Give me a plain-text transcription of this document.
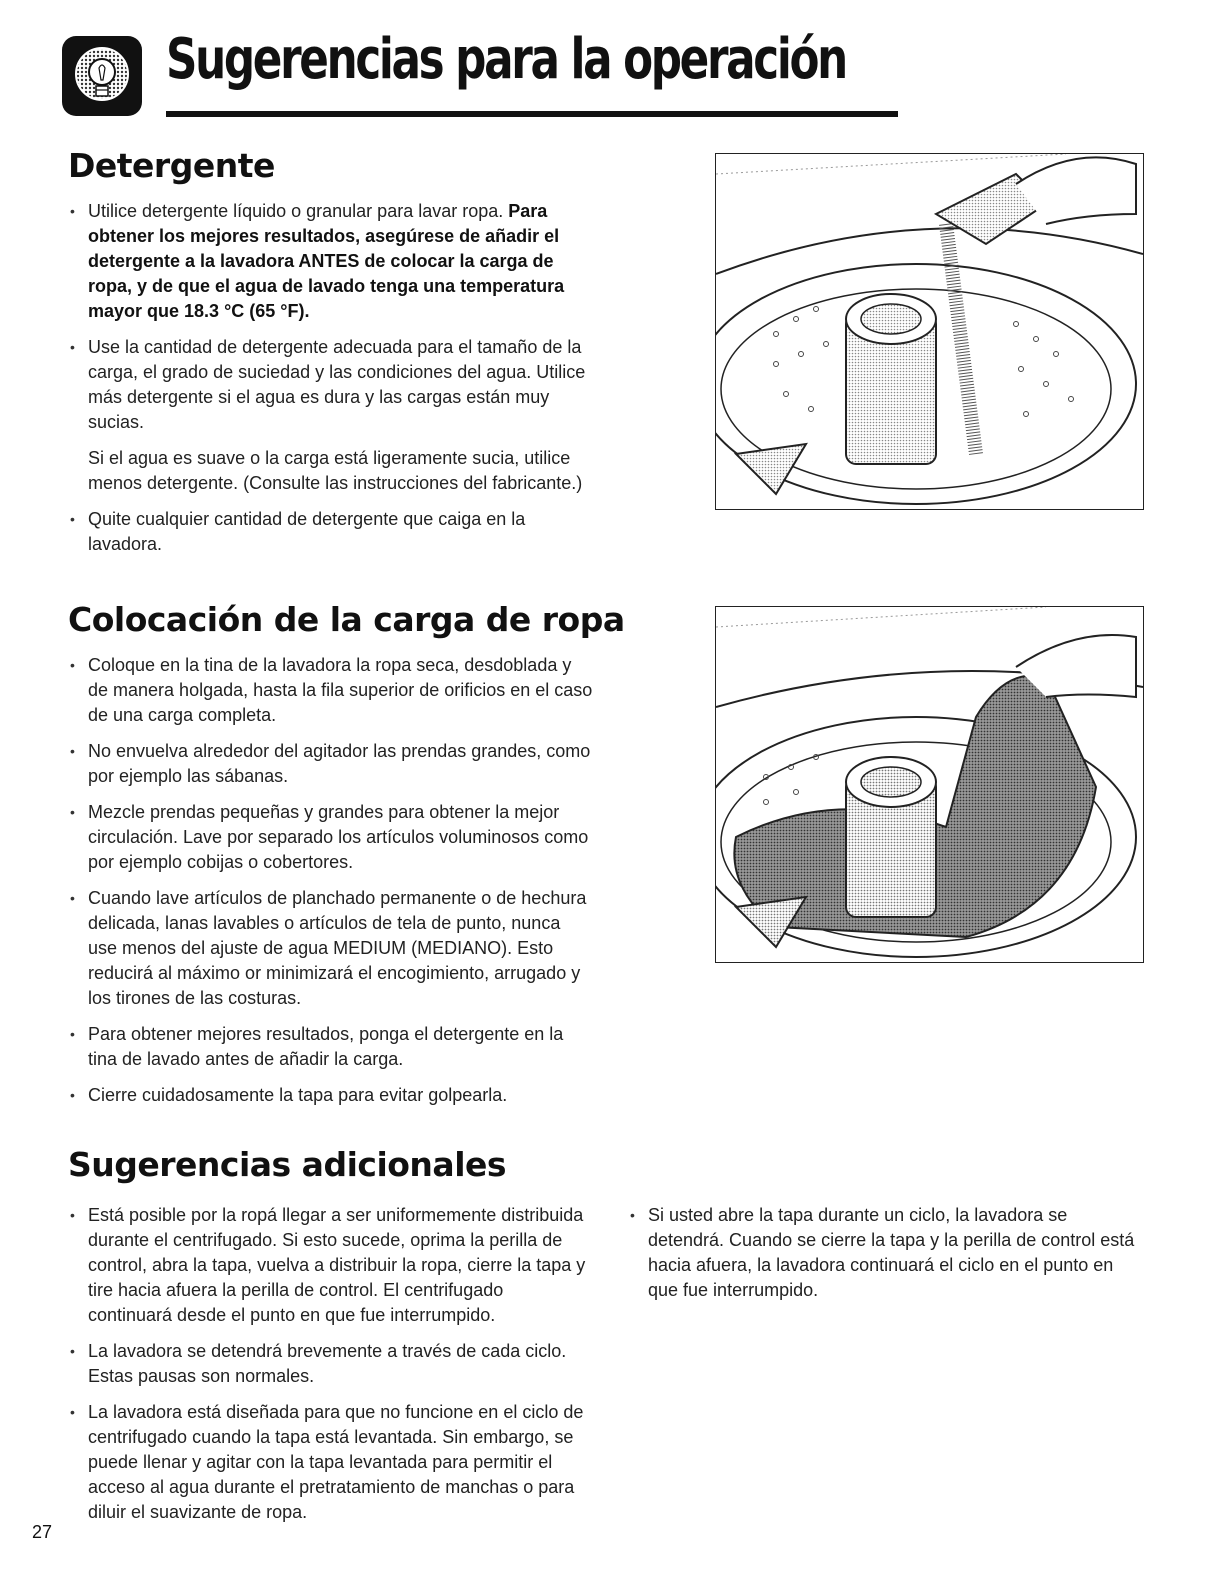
Sugerencias para la operación
Detergente
• Utilice detergente líquido o granular para lavar ropa. Para obtener los mejores resultados, asegúrese de añadir el detergente a la lavadora ANTES de colocar la carga de ropa, y de que el agua de lavado tenga una temperatura mayor que 18.3 °C (65 °F).
• Use la cantidad de detergente adecuada para el tamaño de la carga, el grado de suciedad y las condiciones del agua. Utilice más detergente si el agua es dura y las cargas están muy sucias.
Si el agua es suave o la carga está ligeramente sucia, utilice menos detergente. (Consulte las instrucciones del fabricante.)
• Quite cualquier cantidad de detergente que caiga en la lavadora.
Colocación de la carga de ropa
• Coloque en la tina de la lavadora la ropa seca, desdoblada y de manera holgada, hasta la fila superior de orificios en el caso de una carga completa.
• No envuelva alrededor del agitador las prendas grandes, como por ejemplo las sábanas.
• Mezcle prendas pequeñas y grandes para obtener la mejor circulación. Lave por separado los artículos voluminosos como por ejemplo cobijas o cobertores.
• Cuando lave artículos de planchado permanente o de hechura delicada, lanas lavables o artículos de tela de punto, nunca use menos del ajuste de agua MEDIUM (MEDIANO). Esto reducirá al máximo or minimizará el encogimiento, arrugado y los tirones de las costuras.
• Para obtener mejores resultados, ponga el detergente en la tina de lavado antes de añadir la carga.
• Cierre cuidadosamente la tapa para evitar golpearla.
Sugerencias adicionales
• Está posible por la ropá llegar a ser uniformemente distribuida durante el centrifugado. Si esto sucede, oprima la perilla de control, abra la tapa, vuelva a distribuir la ropa, cierre la tapa y tire hacia afuera la perilla de control. El centrifugado continuará desde el punto en que fue interrumpido.
• La lavadora se detendrá brevemente a través de cada ciclo. Estas pausas son normales.
• La lavadora está diseñada para que no funcione en el ciclo de centrifugado cuando la tapa está levantada. Sin embargo, se puede llenar y agitar con la tapa levantada para permitir el acceso al agua durante el pretratamiento de manchas o para diluir el suavizante de ropa.
• Si usted abre la tapa durante un ciclo, la lavadora se detendrá. Cuando se cierre la tapa y la perilla de control está hacia afuera, la lavadora continuará el ciclo en el punto en que fue interrumpido.
27
